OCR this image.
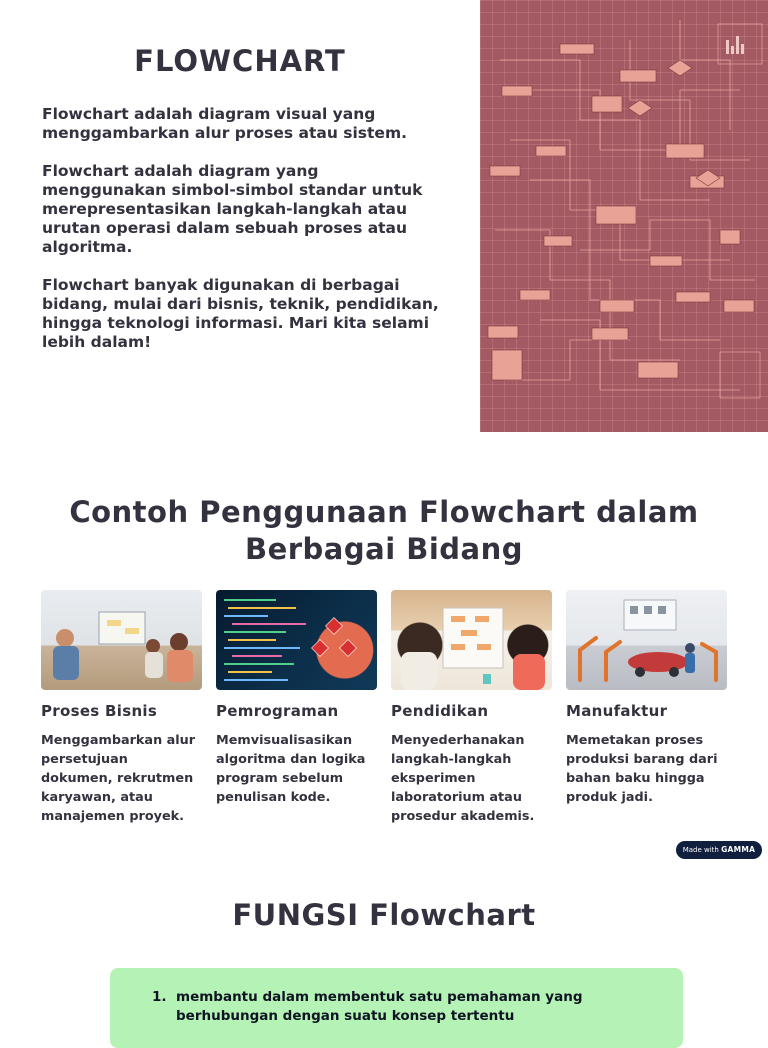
FLOWCHART

Flowchart adalah diagram visual yang menggambarkan alur proses atau sistem.

Flowchart adalah diagram yang menggunakan simbol-simbol standar untuk merepresentasikan langkah-langkah atau urutan operasi dalam sebuah proses atau algoritma.

Flowchart banyak digunakan di berbagai bidang, mulai dari bisnis, teknik, pendidikan, hingga teknologi informasi. Mari kita selami lebih dalam!

Contoh Penggunaan Flowchart dalam Berbagai Bidang
Proses Bisnis
Menggambarkan alur persetujuan dokumen, rekrutmen karyawan, atau manajemen proyek.
Pemrograman
Memvisualisasikan algoritma dan logika program sebelum penulisan kode.
Pendidikan
Menyederhanakan langkah-langkah eksperimen laboratorium atau prosedur akademis.
Manufaktur
Memetakan proses produksi barang dari bahan baku hingga produk jadi.
Made with GAMMA
FUNGSI Flowchart
1. membantu dalam membentuk satu pemahaman yang berhubungan dengan suatu konsep tertentu
